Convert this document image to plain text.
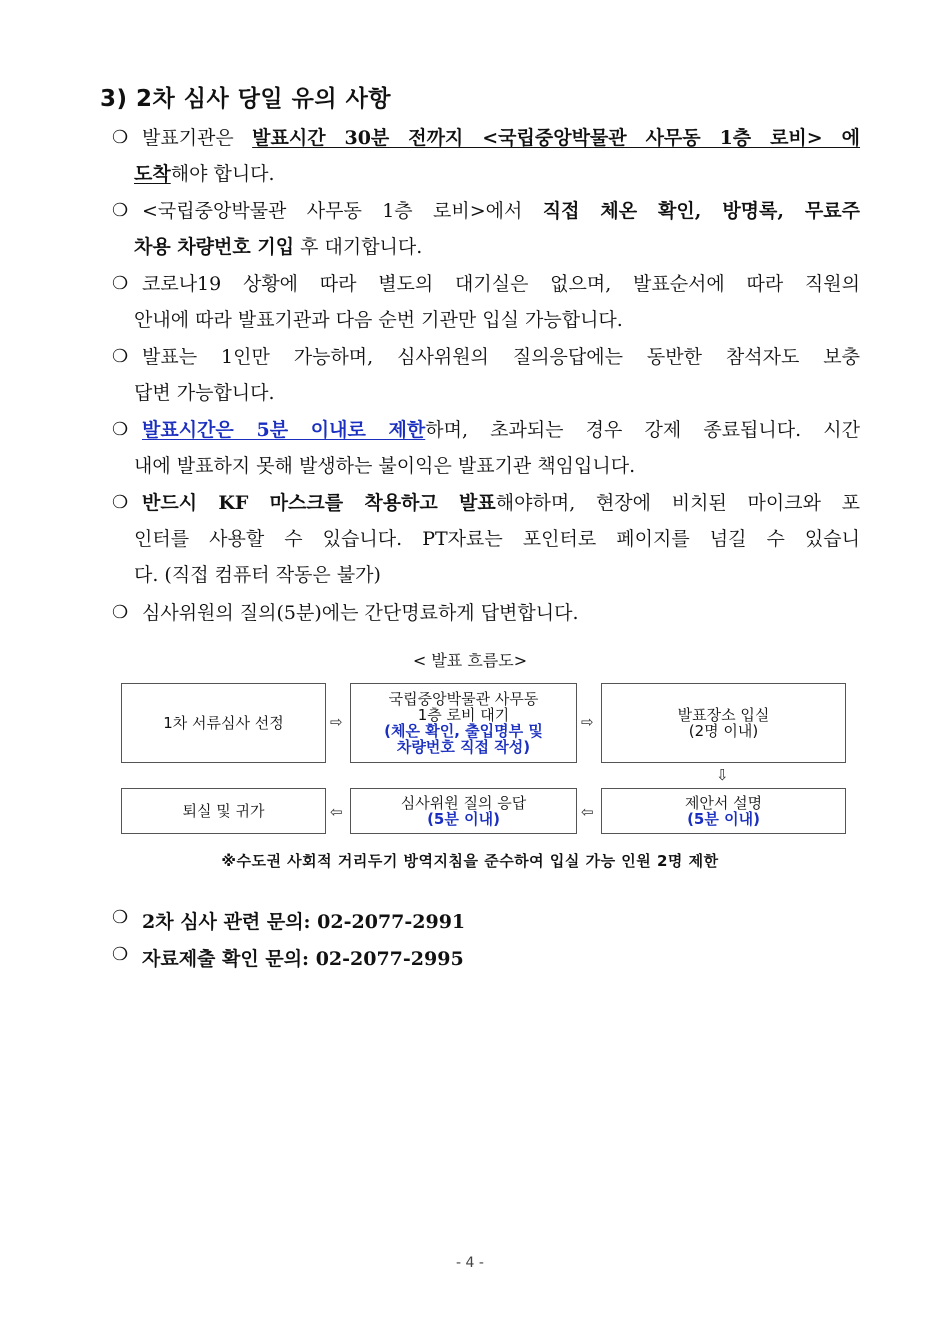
3) 2차 심사 당일 유의 사항
❍ 발표기관은 발표시간 30분 전까지 <국립중앙박물관 사무동 1층 로비> 에
도착해야 합니다.
❍ <국립중앙박물관 사무동 1층 로비>에서 직접 체온 확인, 방명록, 무료주
차용 차량번호 기입 후 대기합니다.
❍ 코로나19 상황에 따라 별도의 대기실은 없으며, 발표순서에 따라 직원의
안내에 따라 발표기관과 다음 순번 기관만 입실 가능합니다.
❍ 발표는 1인만 가능하며, 심사위원의 질의응답에는 동반한 참석자도 보충
답변 가능합니다.
❍ 발표시간은 5분 이내로 제한하며, 초과되는 경우 강제 종료됩니다. 시간
내에 발표하지 못해 발생하는 불이익은 발표기관 책임입니다.
❍ 반드시 KF 마스크를 착용하고 발표해야하며, 현장에 비치된 마이크와 포
인터를 사용할 수 있습니다. PT자료는 포인터로 페이지를 넘길 수 있습니
다. (직접 컴퓨터 작동은 불가)
❍ 심사위원의 질의(5분)에는 간단명료하게 답변합니다.
< 발표 흐름도>
1차 서류심사 선정	⇨
국립중앙박물관 사무동
1층 로비 대기
(체온 확인, 출입명부 및
차량번호 직접 작성)
⇨	발표장소 입실
(2명 이내)
⇩
제안서 설명
(5분 이내)
⇦
심사위원 질의 응답
(5분 이내)
⇦
퇴실 및 귀가
※수도권 사회적 거리두기 방역지침을 준수하여 입실 가능 인원 2명 제한
❍ 2차 심사 관련 문의: 02-2077-2991
❍ 자료제출 확인 문의: 02-2077-2995
- 4 -
